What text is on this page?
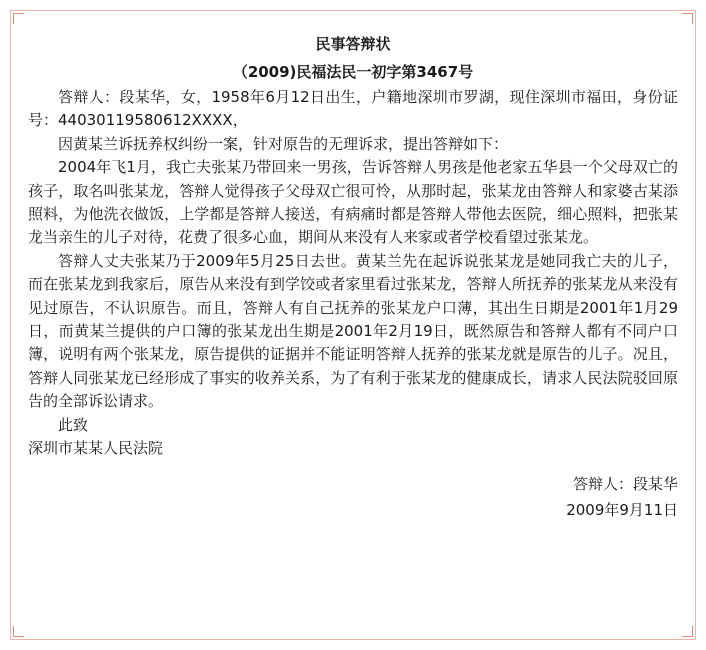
民事答辩状

（2009)民福法民一初字第3467号

答辩人：段某华，女，1958年6月12日出生，户籍地深圳市罗湖，现住深圳市福田，身份证号：44030119580612XXXX，

因黄某兰诉抚养权纠纷一案，针对原告的无理诉求，提出答辩如下：

2004年飞1月，我亡夫张某乃带回来一男孩，告诉答辩人男孩是他老家五华县一个父母双亡的孩子，取名叫张某龙，答辩人觉得孩子父母双亡很可怜，从那时起，张某龙由答辩人和家婆古某添照料，为他洗衣做饭，上学都是答辩人接送，有病痛时都是答辩人带他去医院，细心照料，把张某龙当亲生的儿子对待，花费了很多心血，期间从来没有人来家或者学校看望过张某龙。

答辩人丈夫张某乃于2009年5月25日去世。黄某兰先在起诉说张某龙是她同我亡夫的儿子，而在张某龙到我家后，原告从来没有到学饺或者家里看过张某龙，答辩人所抚养的张某龙从来没有见过原告，不认识原告。而且，答辩人有自己抚养的张某龙户口薄，其出生日期是2001年1月29 日，而黄某兰提供的户口簿的张某龙出生期是2001年2月19日，既然原告和答辩人都有不同户口簿，说明有两个张某龙，原告提供的证据并不能证明答辩人抚养的张某龙就是原告的儿子。况且，答辩人同张某龙已经形成了事实的收养关系，为了有利于张某龙的健康成长，请求人民法院驳回原告的全部诉讼请求。

此致

深圳市某某人民法院

答辩人：段某华
2009年9月11日
